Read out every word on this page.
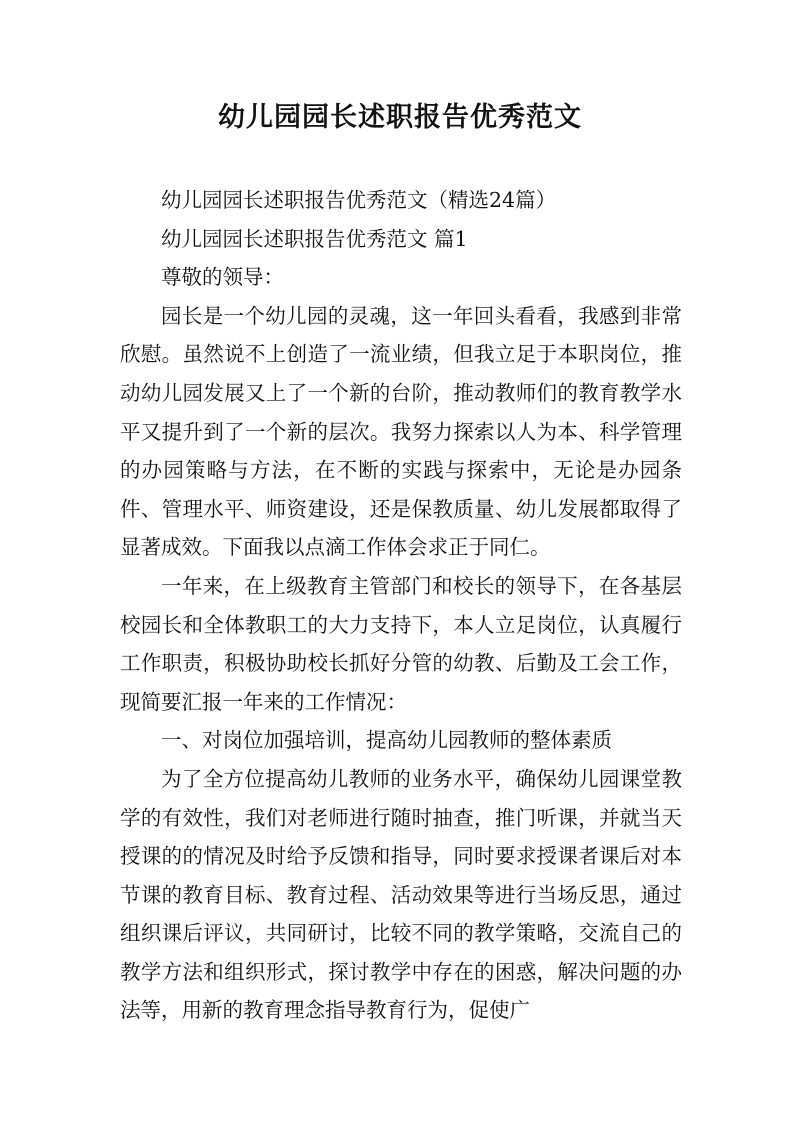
幼儿园园长述职报告优秀范文

幼儿园园长述职报告优秀范文（精选24篇）

幼儿园园长述职报告优秀范文 篇1

尊敬的领导：

园长是一个幼儿园的灵魂，这一年回头看看，我感到非常欣慰。虽然说不上创造了一流业绩，但我立足于本职岗位，推动幼儿园发展又上了一个新的台阶，推动教师们的教育教学水平又提升到了一个新的层次。我努力探索以人为本、科学管理的办园策略与方法，在不断的实践与探索中，无论是办园条件、管理水平、师资建设，还是保教质量、幼儿发展都取得了显著成效。下面我以点滴工作体会求正于同仁。

一年来，在上级教育主管部门和校长的领导下，在各基层校园长和全体教职工的大力支持下，本人立足岗位，认真履行工作职责，积极协助校长抓好分管的幼教、后勤及工会工作，现简要汇报一年来的工作情况：

一、对岗位加强培训，提高幼儿园教师的整体素质

为了全方位提高幼儿教师的业务水平，确保幼儿园课堂教学的有效性，我们对老师进行随时抽查，推门听课，并就当天授课的的情况及时给予反馈和指导，同时要求授课者课后对本节课的教育目标、教育过程、活动效果等进行当场反思，通过组织课后评议，共同研讨，比较不同的教学策略，交流自己的教学方法和组织形式，探讨教学中存在的困惑，解决问题的办法等，用新的教育理念指导教育行为，促使广
